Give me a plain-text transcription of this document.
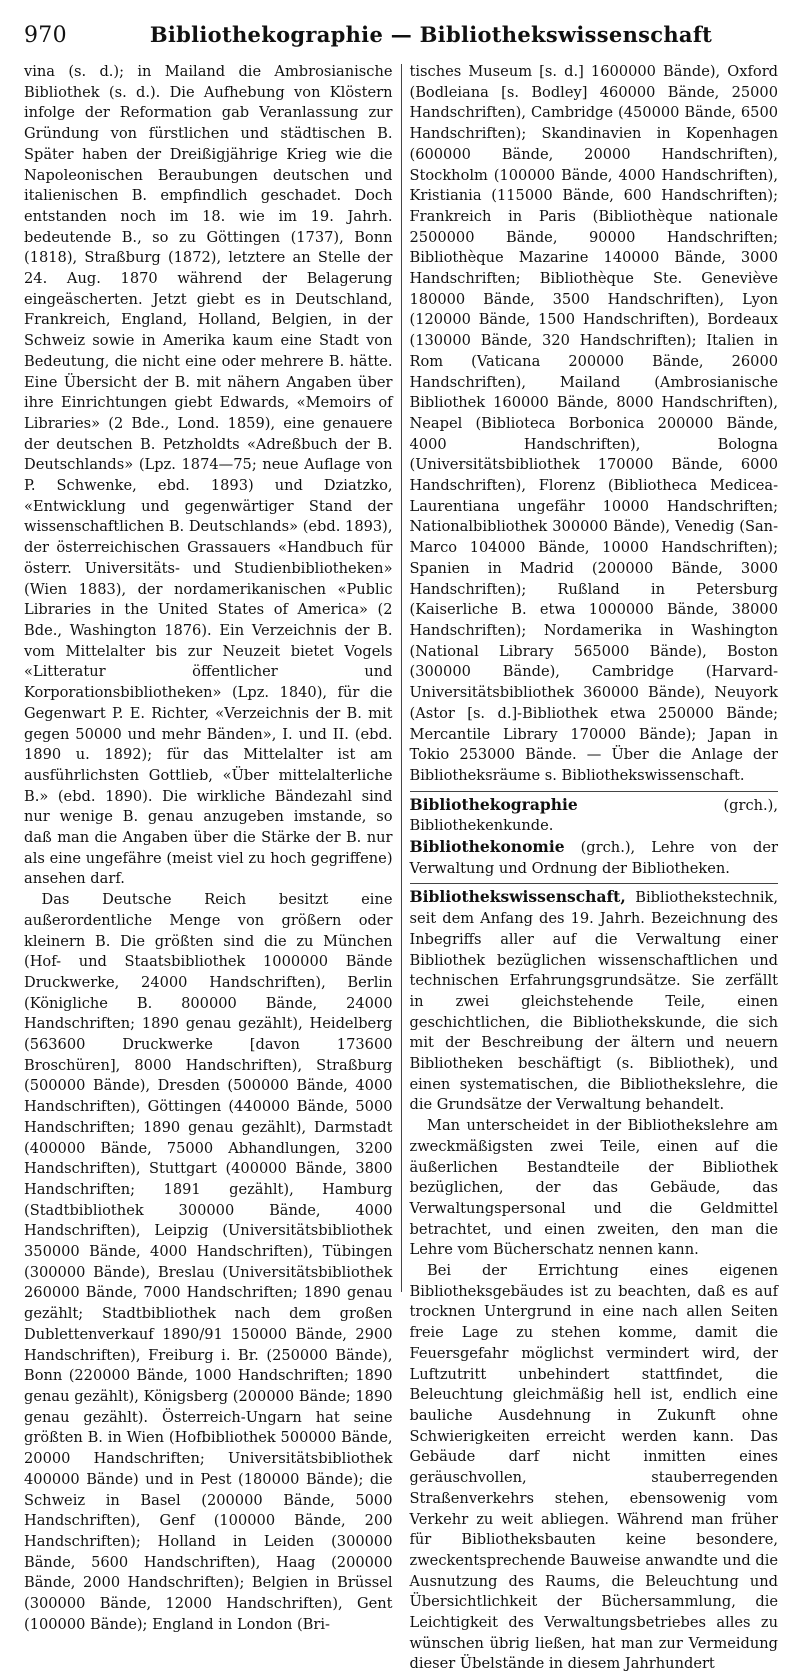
970	Bibliothekographie — Bibliothekswissenschaft

vina (s. d.); in Mailand die Ambrosianische Bibliothek (s. d.). Die Aufhebung von Klöstern infolge der Reformation gab Veranlassung zur Gründung von fürstlichen und städtischen B. Später haben der Dreißigjährige Krieg wie die Napoleonischen Beraubungen deutschen und italienischen B. empfindlich geschadet. Doch entstanden noch im 18. wie im 19. Jahrh. bedeutende B., so zu Göttingen (1737), Bonn (1818), Straßburg (1872), letztere an Stelle der 24. Aug. 1870 während der Belagerung eingeäscherten. Jetzt giebt es in Deutschland, Frankreich, England, Holland, Belgien, in der Schweiz sowie in Amerika kaum eine Stadt von Bedeutung, die nicht eine oder mehrere B. hätte. Eine Übersicht der B. mit nähern Angaben über ihre Einrichtungen giebt Edwards, «Memoirs of Libraries» (2 Bde., Lond. 1859), eine genauere der deutschen B. Petzholdts «Adreßbuch der B. Deutschlands» (Lpz. 1874—75; neue Auflage von P. Schwenke, ebd. 1893) und Dziatzko, «Entwicklung und gegenwärtiger Stand der wissenschaftlichen B. Deutschlands» (ebd. 1893), der österreichischen Grassauers «Handbuch für österr. Universitäts- und Studienbibliotheken» (Wien 1883), der nordamerikanischen «Public Libraries in the United States of America» (2 Bde., Washington 1876). Ein Verzeichnis der B. vom Mittelalter bis zur Neuzeit bietet Vogels «Litteratur öffentlicher und Korporationsbibliotheken» (Lpz. 1840), für die Gegenwart P. E. Richter, «Verzeichnis der B. mit gegen 50000 und mehr Bänden», I. und II. (ebd. 1890 u. 1892); für das Mittelalter ist am ausführlichsten Gottlieb, «Über mittelalterliche B.» (ebd. 1890). Die wirkliche Bändezahl sind nur wenige B. genau anzugeben imstande, so daß man die Angaben über die Stärke der B. nur als eine ungefähre (meist viel zu hoch gegriffene) ansehen darf.

Das Deutsche Reich besitzt eine außerordentliche Menge von größern oder kleinern B. Die größten sind die zu München (Hof- und Staatsbibliothek 1000000 Bände Druckwerke, 24000 Handschriften), Berlin (Königliche B. 800000 Bände, 24000 Handschriften; 1890 genau gezählt), Heidelberg (563600 Druckwerke [davon 173600 Broschüren], 8000 Handschriften), Straßburg (500000 Bände), Dresden (500000 Bände, 4000 Handschriften), Göttingen (440000 Bände, 5000 Handschriften; 1890 genau gezählt), Darmstadt (400000 Bände, 75000 Abhandlungen, 3200 Handschriften), Stuttgart (400000 Bände, 3800 Handschriften; 1891 gezählt), Hamburg (Stadtbibliothek 300000 Bände, 4000 Handschriften), Leipzig (Universitätsbibliothek 350000 Bände, 4000 Handschriften), Tübingen (300000 Bände), Breslau (Universitätsbibliothek 260000 Bände, 7000 Handschriften; 1890 genau gezählt; Stadtbibliothek nach dem großen Dublettenverkauf 1890/91 150000 Bände, 2900 Handschriften), Freiburg i. Br. (250000 Bände), Bonn (220000 Bände, 1000 Handschriften; 1890 genau gezählt), Königsberg (200000 Bände; 1890 genau gezählt). Österreich-Ungarn hat seine größten B. in Wien (Hofbibliothek 500000 Bände, 20000 Handschriften; Universitätsbibliothek 400000 Bände) und in Pest (180000 Bände); die Schweiz in Basel (200000 Bände, 5000 Handschriften), Genf (100000 Bände, 200 Handschriften); Holland in Leiden (300000 Bände, 5600 Handschriften), Haag (200000 Bände, 2000 Handschriften); Belgien in Brüssel (300000 Bände, 12000 Handschriften), Gent (100000 Bände); England in London (Bri-

tisches Museum [s. d.] 1600000 Bände), Oxford (Bodleiana [s. Bodley] 460000 Bände, 25000 Handschriften), Cambridge (450000 Bände, 6500 Handschriften); Skandinavien in Kopenhagen (600000 Bände, 20000 Handschriften), Stockholm (100000 Bände, 4000 Handschriften), Kristiania (115000 Bände, 600 Handschriften); Frankreich in Paris (Bibliothèque nationale 2500000 Bände, 90000 Handschriften; Bibliothèque Mazarine 140000 Bände, 3000 Handschriften; Bibliothèque Ste. Geneviève 180000 Bände, 3500 Handschriften), Lyon (120000 Bände, 1500 Handschriften), Bordeaux (130000 Bände, 320 Handschriften); Italien in Rom (Vaticana 200000 Bände, 26000 Handschriften), Mailand (Ambrosianische Bibliothek 160000 Bände, 8000 Handschriften), Neapel (Biblioteca Borbonica 200000 Bände, 4000 Handschriften), Bologna (Universitätsbibliothek 170000 Bände, 6000 Handschriften), Florenz (Bibliotheca Medicea-Laurentiana ungefähr 10000 Handschriften; Nationalbibliothek 300000 Bände), Venedig (San-Marco 104000 Bände, 10000 Handschriften); Spanien in Madrid (200000 Bände, 3000 Handschriften); Rußland in Petersburg (Kaiserliche B. etwa 1000000 Bände, 38000 Handschriften); Nordamerika in Washington (National Library 565000 Bände), Boston (300000 Bände), Cambridge (Harvard-Universitätsbibliothek 360000 Bände), Neuyork (Astor [s. d.]-Bibliothek etwa 250000 Bände; Mercantile Library 170000 Bände); Japan in Tokio 253000 Bände. — Über die Anlage der Bibliotheksräume s. Bibliothekswissenschaft.

Bibliothekographie (grch.), Bibliothekenkunde.

Bibliothekonomie (grch.), Lehre von der Verwaltung und Ordnung der Bibliotheken.

Bibliothekswissenschaft, Bibliothekstechnik, seit dem Anfang des 19. Jahrh. Bezeichnung des Inbegriffs aller auf die Verwaltung einer Bibliothek bezüglichen wissenschaftlichen und technischen Erfahrungsgrundsätze. Sie zerfällt in zwei gleichstehende Teile, einen geschichtlichen, die Bibliothekskunde, die sich mit der Beschreibung der ältern und neuern Bibliotheken beschäftigt (s. Bibliothek), und einen systematischen, die Bibliothekslehre, die die Grundsätze der Verwaltung behandelt.

Man unterscheidet in der Bibliothekslehre am zweckmäßigsten zwei Teile, einen auf die äußerlichen Bestandteile der Bibliothek bezüglichen, der das Gebäude, das Verwaltungspersonal und die Geldmittel betrachtet, und einen zweiten, den man die Lehre vom Bücherschatz nennen kann.

Bei der Errichtung eines eigenen Bibliotheksgebäudes ist zu beachten, daß es auf trocknen Untergrund in eine nach allen Seiten freie Lage zu stehen komme, damit die Feuersgefahr möglichst vermindert wird, der Luftzutritt unbehindert stattfindet, die Beleuchtung gleichmäßig hell ist, endlich eine bauliche Ausdehnung in Zukunft ohne Schwierigkeiten erreicht werden kann. Das Gebäude darf nicht inmitten eines geräuschvollen, stauberregenden Straßenverkehrs stehen, ebensowenig vom Verkehr zu weit abliegen. Während man früher für Bibliotheksbauten keine besondere, zweckentsprechende Bauweise anwandte und die Ausnutzung des Raums, die Beleuchtung und Übersichtlichkeit der Büchersammlung, die Leichtigkeit des Verwaltungsbetriebes alles zu wünschen übrig ließen, hat man zur Vermeidung dieser Übelstände in diesem Jahrhundert
